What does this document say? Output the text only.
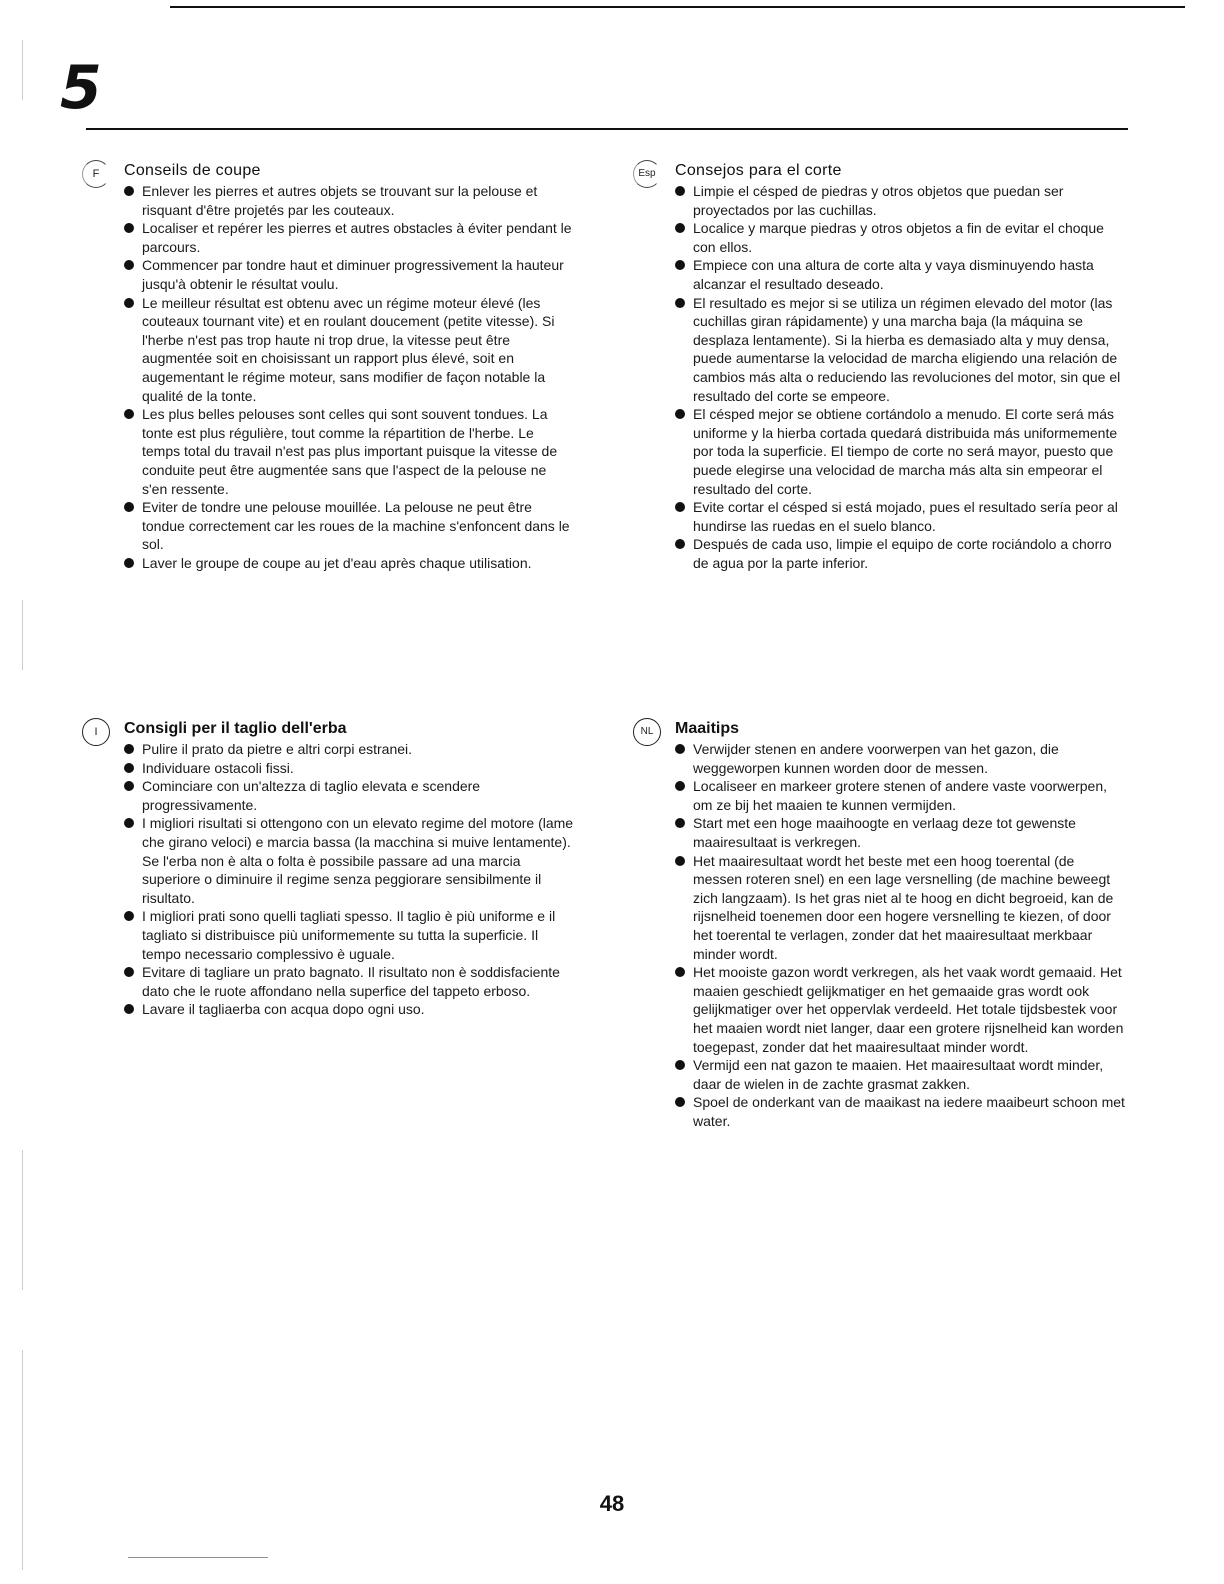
5
F	Conseils de coupe
Enlever les pierres et autres objets se trouvant sur la pelouse et risquant d'être projetés par les couteaux.
Localiser et repérer les pierres et autres obstacles à éviter pendant le parcours.
Commencer par tondre haut et diminuer progressivement la hauteur jusqu'à obtenir le résultat voulu.
Le meilleur résultat est obtenu avec un régime moteur élevé (les couteaux tournant vite) et en roulant doucement (petite vitesse). Si l'herbe n'est pas trop haute ni trop drue, la vitesse peut être augmentée soit en choisissant un rapport plus élevé, soit en augementant le régime moteur, sans modifier de façon notable la qualité de la tonte.
Les plus belles pelouses sont celles qui sont souvent tondues. La tonte est plus régulière, tout comme la répartition de l'herbe. Le temps total du travail n'est pas plus important puisque la vitesse de conduite peut être augmentée sans que l'aspect de la pelouse ne s'en ressente.
Eviter de tondre une pelouse mouillée. La pelouse ne peut être tondue correctement car les roues de la machine s'enfoncent dans le sol.
Laver le groupe de coupe au jet d'eau après chaque utilisation.
Esp	Consejos para el corte
Limpie el césped de piedras y otros objetos que puedan ser proyectados por las cuchillas.
Localice y marque piedras y otros objetos a fin de evitar el choque con ellos.
Empiece con una altura de corte alta y vaya disminuyendo hasta alcanzar el resultado deseado.
El resultado es mejor si se utiliza un régimen elevado del motor (las cuchillas giran rápidamente) y una marcha baja (la máquina se desplaza lentamente). Si la hierba es demasiado alta y muy densa, puede aumentarse la velocidad de marcha eligiendo una relación de cambios más alta o reduciendo las revoluciones del motor, sin que el resultado del corte se empeore.
El césped mejor se obtiene cortándolo a menudo. El corte será más uniforme y la hierba cortada quedará distribuida más uniformemente por toda la superficie. El tiempo de corte no será mayor, puesto que puede elegirse una velocidad de marcha más alta sin empeorar el resultado del corte.
Evite cortar el césped si está mojado, pues el resultado sería peor al hundirse las ruedas en el suelo blanco.
Después de cada uso, limpie el equipo de corte rociándolo a chorro de agua por la parte inferior.
I	Consigli per il taglio dell'erba
Pulire il prato da pietre e altri corpi estranei.
Individuare ostacoli fissi.
Cominciare con un'altezza di taglio elevata e scendere progressivamente.
I migliori risultati si ottengono con un elevato regime del motore (lame che girano veloci) e marcia bassa (la macchina si muive lentamente). Se l'erba non è alta o folta è possibile passare ad una marcia superiore o diminuire il regime senza peggiorare sensibilmente il risultato.
I migliori prati sono quelli tagliati spesso. Il taglio è più uniforme e il tagliato si distribuisce più uniformemente su tutta la superficie. Il tempo necessario complessivo è uguale.
Evitare di tagliare un prato bagnato. Il risultato non è soddisfaciente dato che le ruote affondano nella superfice del tappeto erboso.
Lavare il tagliaerba con acqua dopo ogni uso.
NL	Maaitips
Verwijder stenen en andere voorwerpen van het gazon, die weggeworpen kunnen worden door de messen.
Localiseer en markeer grotere stenen of andere vaste voorwerpen, om ze bij het maaien te kunnen vermijden.
Start met een hoge maaihoogte en verlaag deze tot gewenste maairesultaat is verkregen.
Het maairesultaat wordt het beste met een hoog toerental (de messen roteren snel) en een lage versnelling (de machine beweegt zich langzaam). Is het gras niet al te hoog en dicht begroeid, kan de rijsnelheid toenemen door een hogere versnelling te kiezen, of door het toerental te verlagen, zonder dat het maairesultaat merkbaar minder wordt.
Het mooiste gazon wordt verkregen, als het vaak wordt gemaaid. Het maaien geschiedt gelijkmatiger en het gemaaide gras wordt ook gelijkmatiger over het oppervlak verdeeld. Het totale tijdsbestek voor het maaien wordt niet langer, daar een grotere rijsnelheid kan worden toegepast, zonder dat het maairesultaat minder wordt.
Vermijd een nat gazon te maaien. Het maairesultaat wordt minder, daar de wielen in de zachte grasmat zakken.
Spoel de onderkant van de maaikast na iedere maaibeurt schoon met water.
48
